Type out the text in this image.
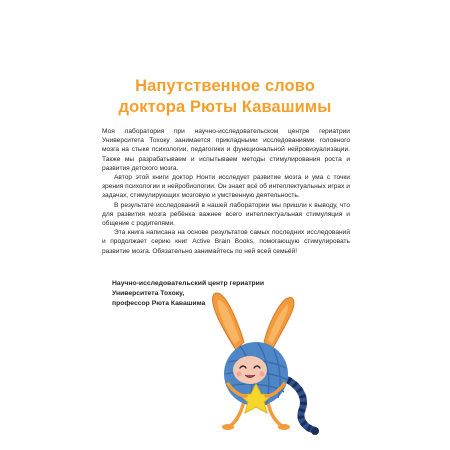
Напутственное слово
доктора Рюты Кавашимы

Моя лаборатория при научно-исследовательском центре гериатрии Университета Тохоку занимается прикладными исследованиями головного мозга на стыке психологии, педагогики и функциональной нейровизуализации. Также мы разрабатываем и испытываем методы стимулирования роста и развития детского мозга.

Автор этой книги доктор Нонти исследует развитие мозга и ума с точки зрения психологии и нейробиологии. Он знает всё об интеллектуальных играх и задачах, стимулирующих мозговую и умственную деятельность.

В результате исследований в нашей лаборатории мы пришли к выводу, что для развития мозга ребёнка важнее всего интеллектуальная стимуляция и общение с родителями.

Эта книга написана на основе результатов самых последних исследований и продолжает серию книг Active Brain Books, помогающую стимулировать развитие мозга. Обязательно занимайтесь по ней всей семьёй!

Научно-исследовательский центр гериатрии
Университета Тохоку,
профессор Рюта Кавашима
